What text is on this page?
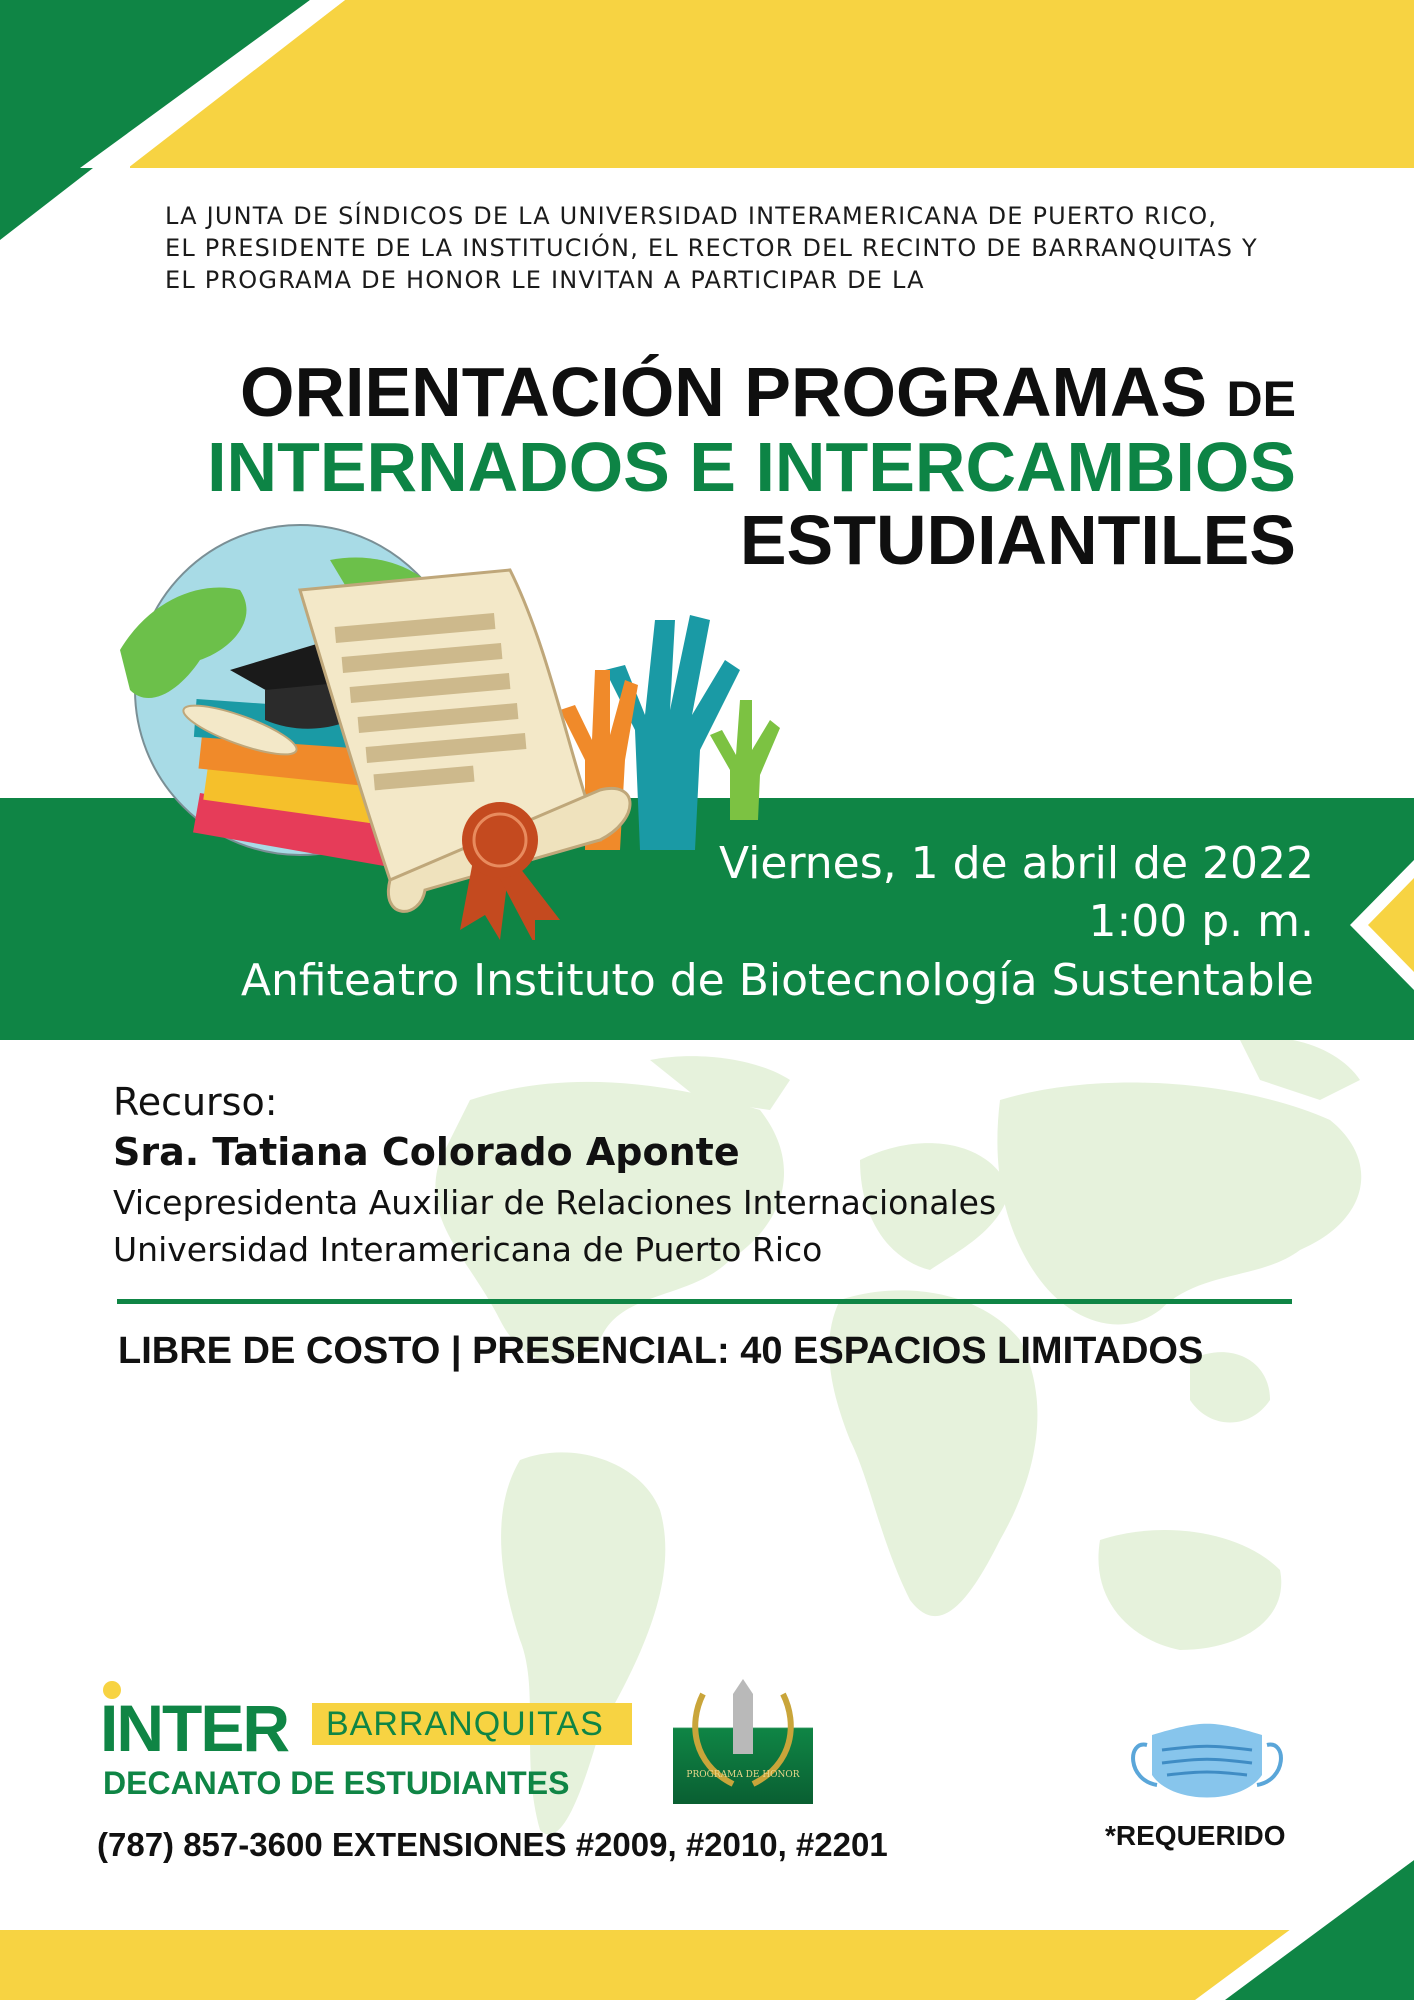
LA JUNTA DE SÍNDICOS DE LA UNIVERSIDAD INTERAMERICANA DE PUERTO RICO,
EL PRESIDENTE DE LA INSTITUCIÓN, EL RECTOR DEL RECINTO DE BARRANQUITAS Y
EL PROGRAMA DE HONOR LE INVITAN A PARTICIPAR DE LA
ORIENTACIÓN PROGRAMAS DE
INTERNADOS E INTERCAMBIOS
ESTUDIANTILES
Viernes, 1 de abril de 2022
1:00 p. m.
Anfiteatro Instituto de Biotecnología Sustentable
Recurso:
Sra. Tatiana Colorado Aponte
Vicepresidenta Auxiliar de Relaciones Internacionales
Universidad Interamericana de Puerto Rico
LIBRE DE COSTO | PRESENCIAL: 40 ESPACIOS LIMITADOS
INTER	BARRANQUITAS
DECANATO DE ESTUDIANTES	PROGRAMA DE HONOR
(787) 857-3600 EXTENSIONES #2009, #2010, #2201	*REQUERIDO
